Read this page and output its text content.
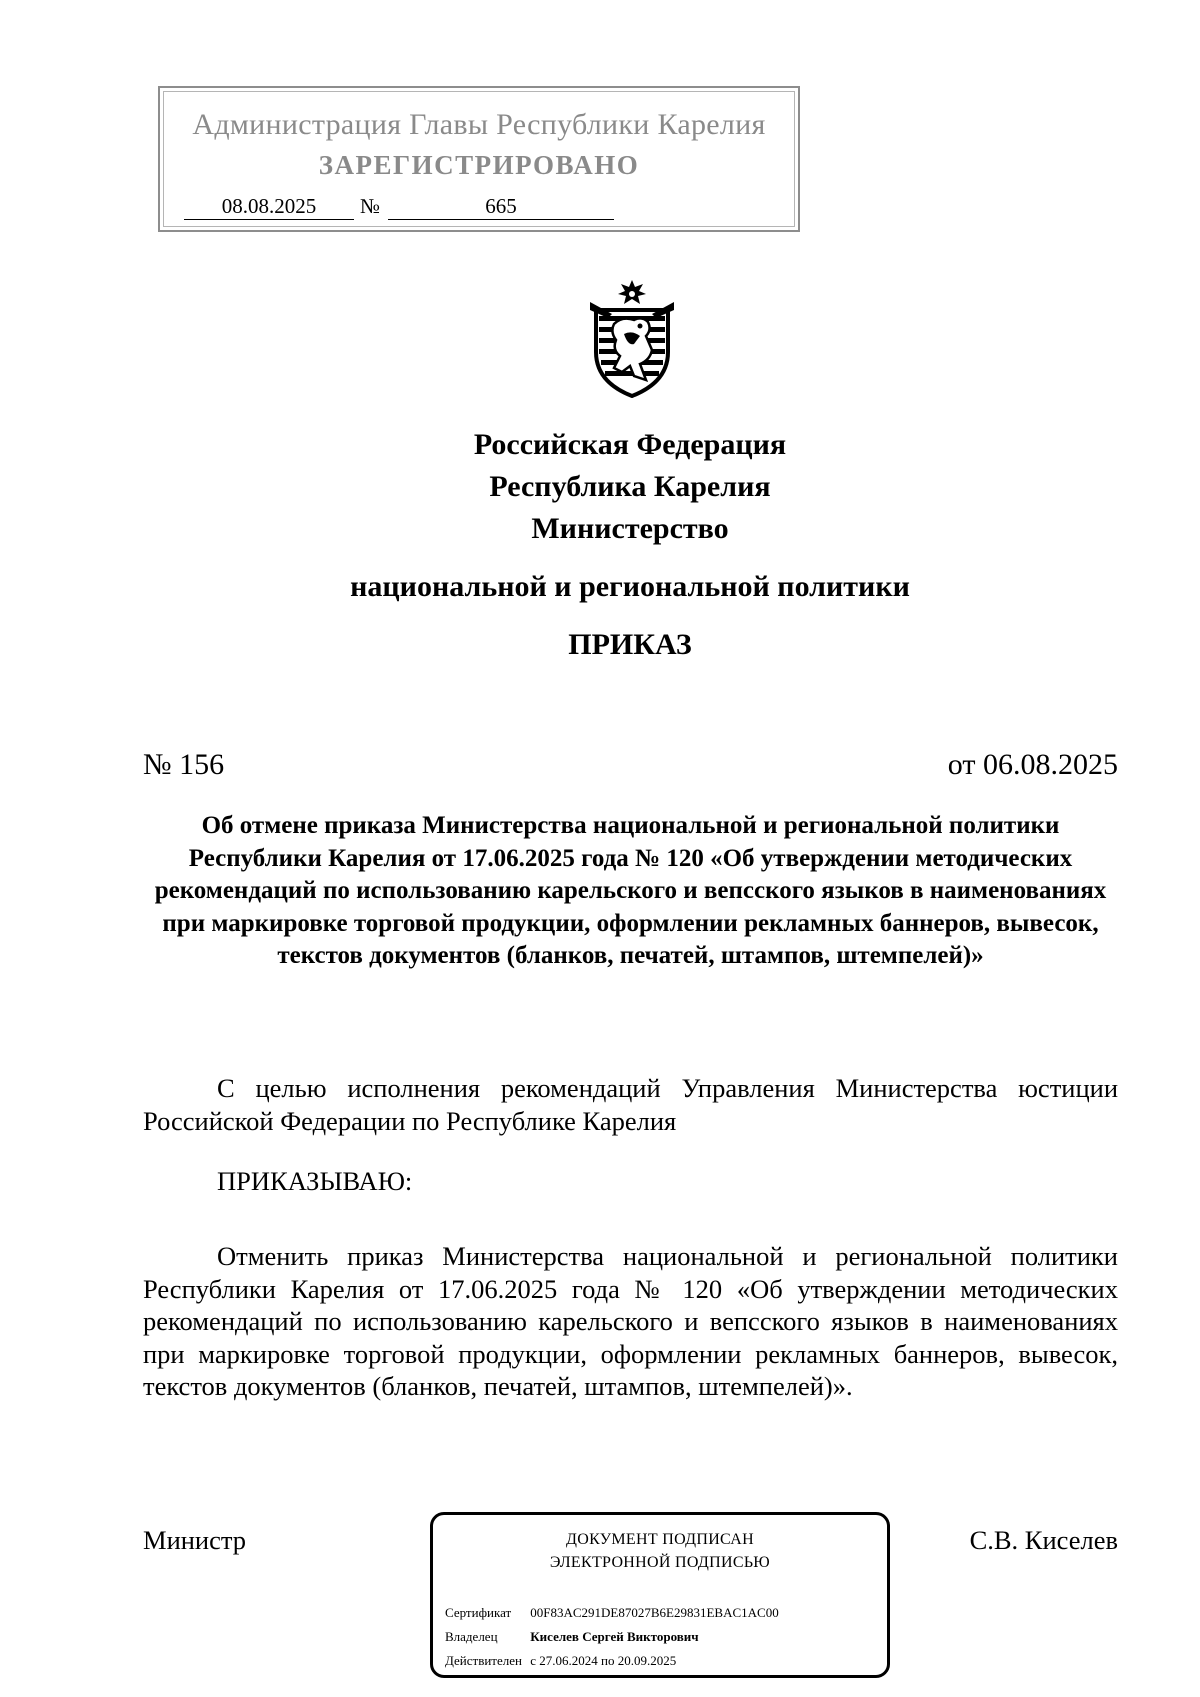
Администрация Главы Республики Карелия
ЗАРЕГИСТРИРОВАНО
08.08.2025	№	665
Российская Федерация
Республика Карелия
Министерство
национальной и региональной политики
ПРИКАЗ
№ 156	от 06.08.2025
Об отмене приказа Министерства национальной и региональной политики Республики Карелия от 17.06.2025 года № 120 «Об утверждении методических рекомендаций по использованию карельского и вепсского языков в наименованиях при маркировке торговой продукции, оформлении рекламных баннеров, вывесок, текстов документов (бланков, печатей, штампов, штемпелей)»
С целью исполнения рекомендаций Управления Министерства юстиции Российской Федерации по Республике Карелия
ПРИКАЗЫВАЮ:
Отменить приказ Министерства национальной и региональной политики Республики Карелия от 17.06.2025 года № 120 «Об утверждении методических рекомендаций по использованию карельского и вепсского языков в наименованиях при маркировке торговой продукции, оформлении рекламных баннеров, вывесок, текстов документов (бланков, печатей, штампов, штемпелей)».
Министр	С.В. Киселев
ДОКУМЕНТ ПОДПИСАН
ЭЛЕКТРОННОЙ ПОДПИСЬЮ
Сертификат 00F83AC291DE87027B6E29831EBAC1AC00
Владелец	Киселев Сергей Викторович
Действителен с 27.06.2024 по 20.09.2025
